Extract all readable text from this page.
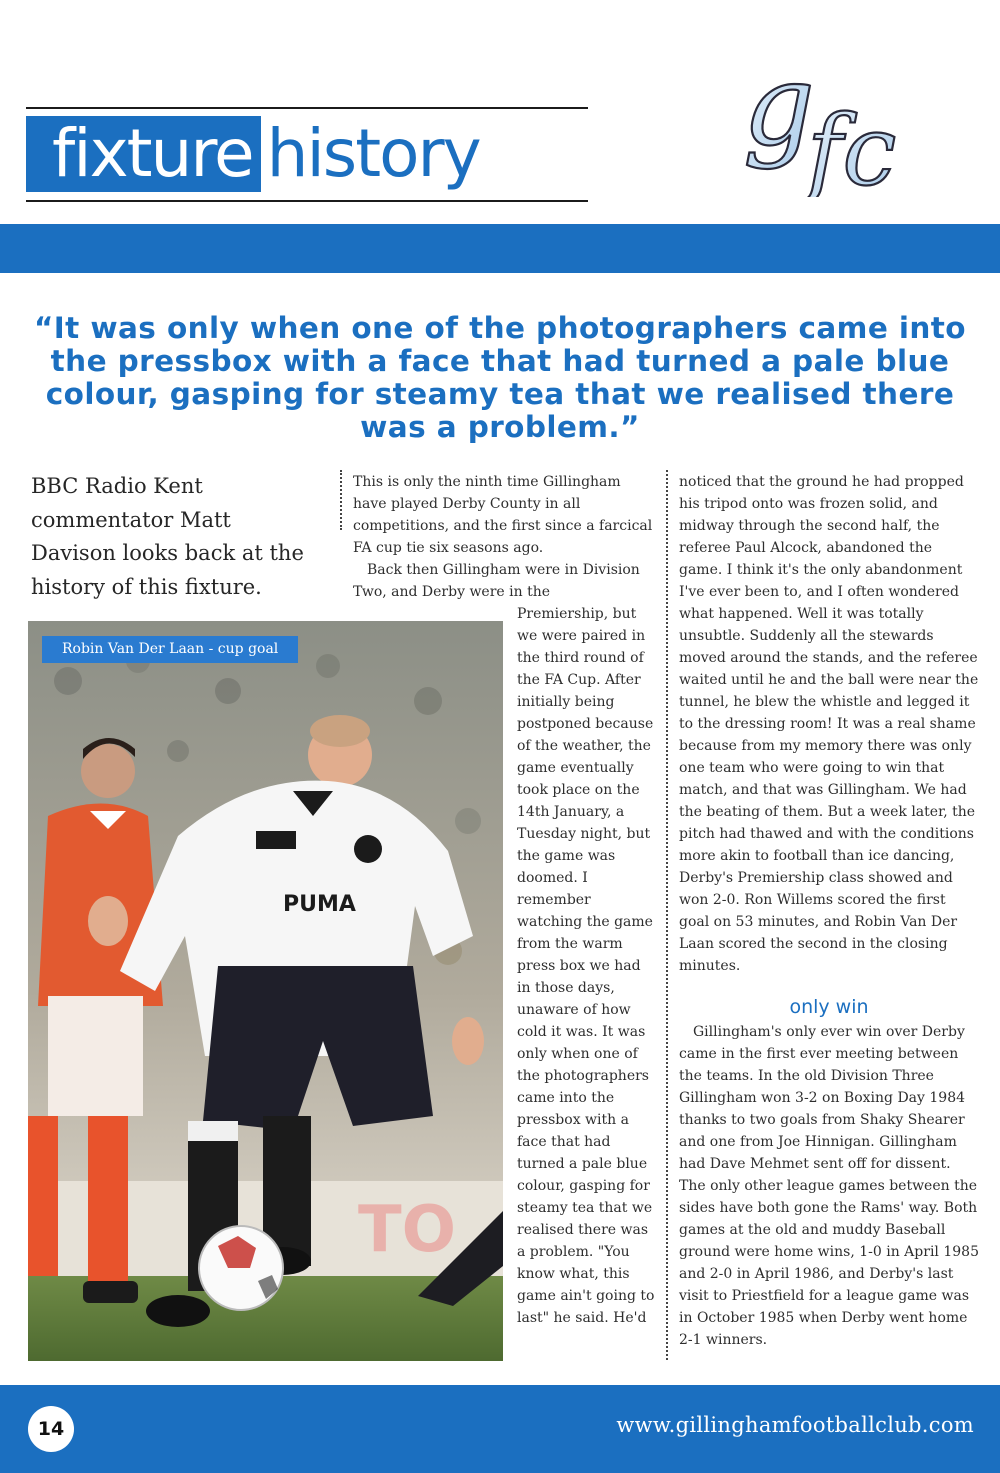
fixture history g
fc
“It was only when one of the photographers came into the pressbox with a face that had turned a pale blue colour, gasping for steamy tea that we realised there was a problem.”
BBC Radio Kent commentator Matt Davison looks back at the history of this fixture.
TO
PUMA
Robin Van Der Laan - cup goal

This is only the ninth time Gillingham have played Derby County in all competitions, and the first since a farcical FA cup tie six seasons ago.

Back then Gillingham were in Division Two, and Derby were in the

Premiership, but we were paired in the third round of the FA Cup. After initially being postponed because of the weather, the game eventually took place on the 14th January, a Tuesday night, but the game was doomed. I remember watching the game from the warm press box we had in those days, unaware of how cold it was. It was only when one of the photographers came into the pressbox with a face that had turned a pale blue colour, gasping for steamy tea that we realised there was a problem. "You know what, this game ain't going to last" he said. He'd

noticed that the ground he had propped his tripod onto was frozen solid, and midway through the second half, the referee Paul Alcock, abandoned the game. I think it's the only abandonment I've ever been to, and I often wondered what happened. Well it was totally unsubtle. Suddenly all the stewards moved around the stands, and the referee waited until he and the ball were near the tunnel, he blew the whistle and legged it to the dressing room! It was a real shame because from my memory there was only one team who were going to win that match, and that was Gillingham. We had the beating of them. But a week later, the pitch had thawed and with the conditions more akin to football than ice dancing, Derby's Premiership class showed and won 2-0. Ron Willems scored the first goal on 53 minutes, and Robin Van Der Laan scored the second in the closing minutes.

only win

Gillingham's only ever win over Derby came in the first ever meeting between the teams. In the old Division Three Gillingham won 3-2 on Boxing Day 1984 thanks to two goals from Shaky Shearer and one from Joe Hinnigan. Gillingham had Dave Mehmet sent off for dissent. The only other league games between the sides have both gone the Rams' way. Both games at the old and muddy Baseball ground were home wins, 1-0 in April 1985 and 2-0 in April 1986, and Derby's last visit to Priestfield for a league game was in October 1985 when Derby went home 2-1 winners.

14	www.gillinghamfootballclub.com
